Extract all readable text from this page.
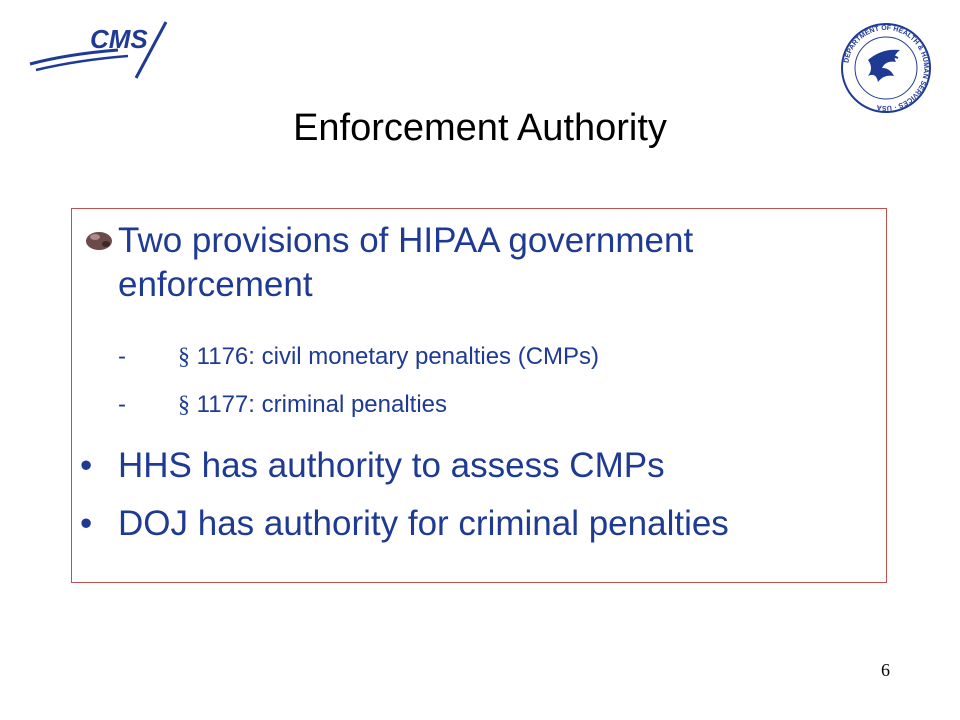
CMS
DEPARTMENT OF HEALTH & HUMAN SERVICES · USA
Enforcement Authority
Two provisions of HIPAA government enforcement
- § 1176: civil monetary penalties (CMPs)
- § 1177: criminal penalties
• HHS has authority to assess CMPs
• DOJ has authority for criminal penalties
6
